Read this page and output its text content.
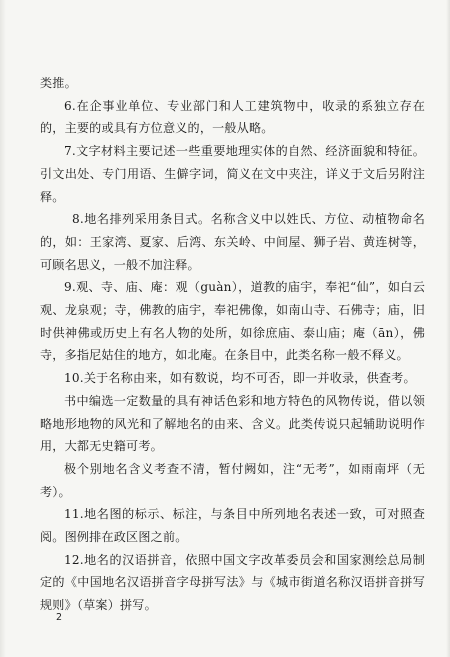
类推。

6.在企事业单位、专业部门和人工建筑物中，收录的系独立存在的，主要的或具有方位意义的，一般从略。

7.文字材料主要记述一些重要地理实体的自然、经济面貌和特征。引文出处、专门用语、生僻字词，简义在文中夹注，详义于文后另附注释。

8.地名排列采用条目式。名称含义中以姓氏、方位、动植物命名的，如：王家湾、夏家、后湾、东关岭、中间屋、狮子岩、黄连树等，可顾名思义，一般不加注释。

9.观、寺、庙、庵：观（guàn），道教的庙宇，奉祀“仙”，如白云观、龙泉观；寺，佛教的庙宇，奉祀佛像，如南山寺、石佛寺；庙，旧时供神佛或历史上有名人物的处所，如徐庶庙、泰山庙；庵（ān），佛寺，多指尼姑住的地方，如北庵。在条目中，此类名称一般不释义。

10.关于名称由来，如有数说，均不可否，即一并收录，供查考。

书中编选一定数量的具有神话色彩和地方特色的风物传说，借以领略地形地物的风光和了解地名的由来、含义。此类传说只起辅助说明作用，大都无史籍可考。

极个别地名含义考查不清，暂付阙如，注“无考”，如雨南坪（无考）。

11.地名图的标示、标注，与条目中所列地名表述一致，可对照查阅。图例排在政区图之前。

12.地名的汉语拼音，依照中国文字改革委员会和国家测绘总局制定的《中国地名汉语拼音字母拼写法》与《城市街道名称汉语拼音拼写规则》（草案）拼写。

2
